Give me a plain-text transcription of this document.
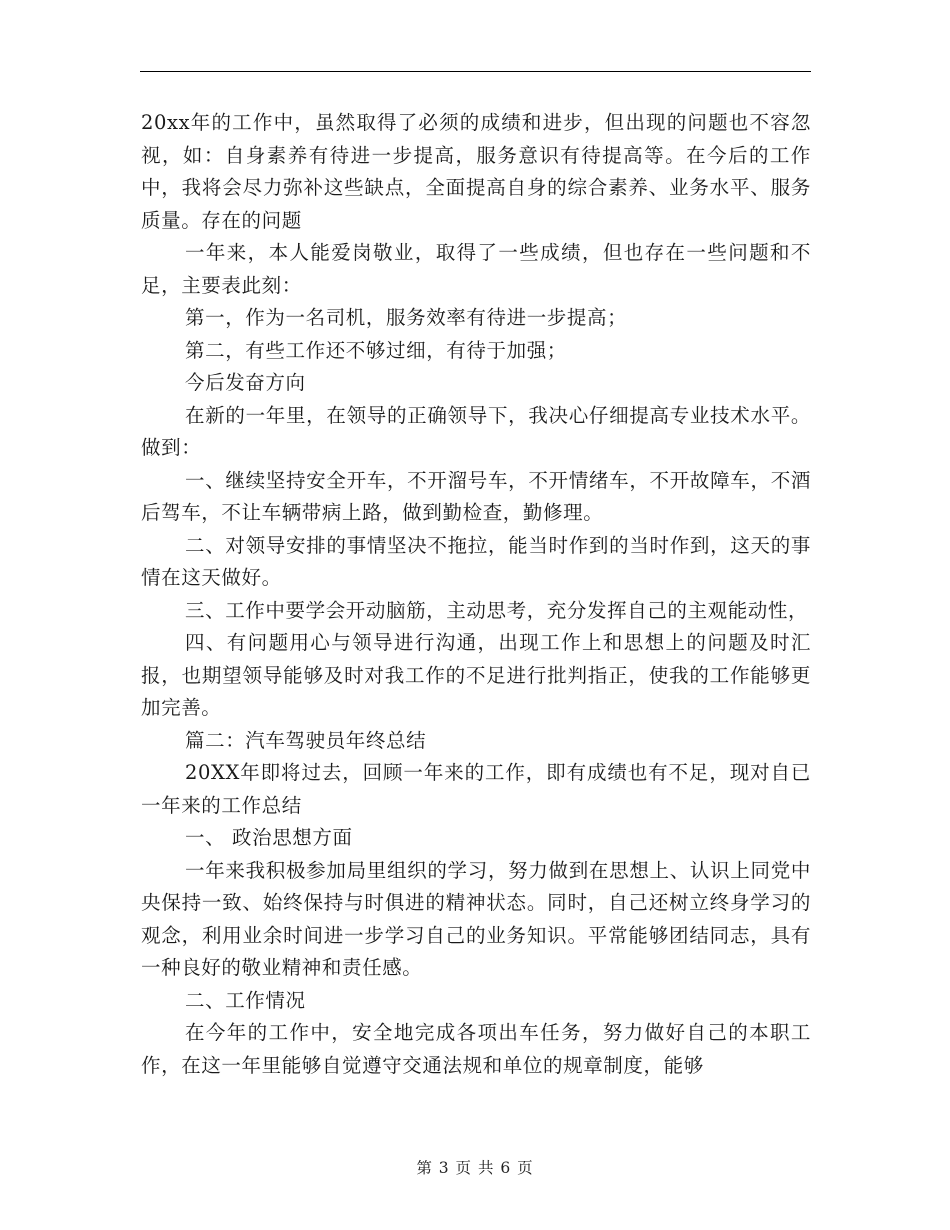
20xx年的工作中，虽然取得了必须的成绩和进步，但出现的问题也不容忽视，如：自身素养有待进一步提高，服务意识有待提高等。在今后的工作中，我将会尽力弥补这些缺点，全面提高自身的综合素养、业务水平、服务质量。存在的问题

一年来，本人能爱岗敬业，取得了一些成绩，但也存在一些问题和不足，主要表此刻：

第一，作为一名司机，服务效率有待进一步提高；

第二，有些工作还不够过细，有待于加强；

今后发奋方向

在新的一年里，在领导的正确领导下，我决心仔细提高专业技术水平。做到：

一、继续坚持安全开车，不开溜号车，不开情绪车，不开故障车，不酒后驾车，不让车辆带病上路，做到勤检查，勤修理。

二、对领导安排的事情坚决不拖拉，能当时作到的当时作到，这天的事情在这天做好。

三、工作中要学会开动脑筋，主动思考，充分发挥自己的主观能动性，

四、有问题用心与领导进行沟通，出现工作上和思想上的问题及时汇报，也期望领导能够及时对我工作的不足进行批判指正，使我的工作能够更加完善。

篇二：汽车驾驶员年终总结

20XX年即将过去，回顾一年来的工作，即有成绩也有不足，现对自已一年来的工作总结

一、 政治思想方面

一年来我积极参加局里组织的学习，努力做到在思想上、认识上同党中央保持一致、始终保持与时俱进的精神状态。同时，自己还树立终身学习的观念，利用业余时间进一步学习自己的业务知识。平常能够团结同志，具有一种良好的敬业精神和责任感。

二、工作情况

在今年的工作中，安全地完成各项出车任务，努力做好自己的本职工作，在这一年里能够自觉遵守交通法规和单位的规章制度，能够

第 3 页 共 6 页
